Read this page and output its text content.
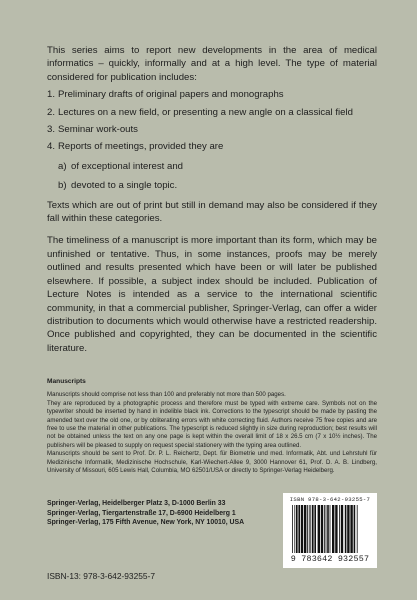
This series aims to report new developments in the area of medical informatics – quickly, informally and at a high level. The type of material considered for publication includes:

1. Preliminary drafts of original papers and monographs
2. Lectures on a new field, or presenting a new angle on a classical field
3. Seminar work-outs
4. Reports of meetings, provided they are
a) of exceptional interest and
b) devoted to a single topic.

Texts which are out of print but still in demand may also be considered if they fall within these categories.

The timeliness of a manuscript is more important than its form, which may be unfinished or tentative. Thus, in some instances, proofs may be merely outlined and results presented which have been or will later be published elsewhere. If possible, a subject index should be included. Publication of Lecture Notes is intended as a service to the international scientific community, in that a commercial publisher, Springer-Verlag, can offer a wider distribution to documents which would otherwise have a restricted readership. Once published and copyrighted, they can be documented in the scientific literature.

Manuscripts

Manuscripts should comprise not less than 100 and preferably not more than 500 pages.

They are reproduced by a photographic process and therefore must be typed with extreme care. Symbols not on the typewriter should be inserted by hand in indelible black ink. Corrections to the typescript should be made by pasting the amended text over the old one, or by obliterating errors with white correcting fluid. Authors receive 75 free copies and are free to use the material in other publications. The typescript is reduced slightly in size during reproduction; best results will not be obtained unless the text on any one page is kept within the overall limit of 18 x 26.5 cm (7 x 10½ inches). The publishers will be pleased to supply on request special stationery with the typing area outlined.

Manuscripts should be sent to Prof. Dr. P. L. Reichertz, Dept. für Biometrie und med. Informatik, Abt. und Lehrstuhl für Medizinische Informatik, Medizinische Hochschule, Karl-Wiechert-Allee 9, 3000 Hannover 61, Prof. D. A. B. Lindberg, University of Missouri, 605 Lewis Hall, Columbia, MO 62501/USA or directly to Springer-Verlag Heidelberg.

Springer-Verlag, Heidelberger Platz 3, D-1000 Berlin 33
Springer-Verlag, Tiergartenstraße 17, D-6900 Heidelberg 1
Springer-Verlag, 175 Fifth Avenue, New York, NY 10010, USA
ISBN 978-3-642-93255-7
9 783642 932557
ISBN-13: 978-3-642-93255-7
